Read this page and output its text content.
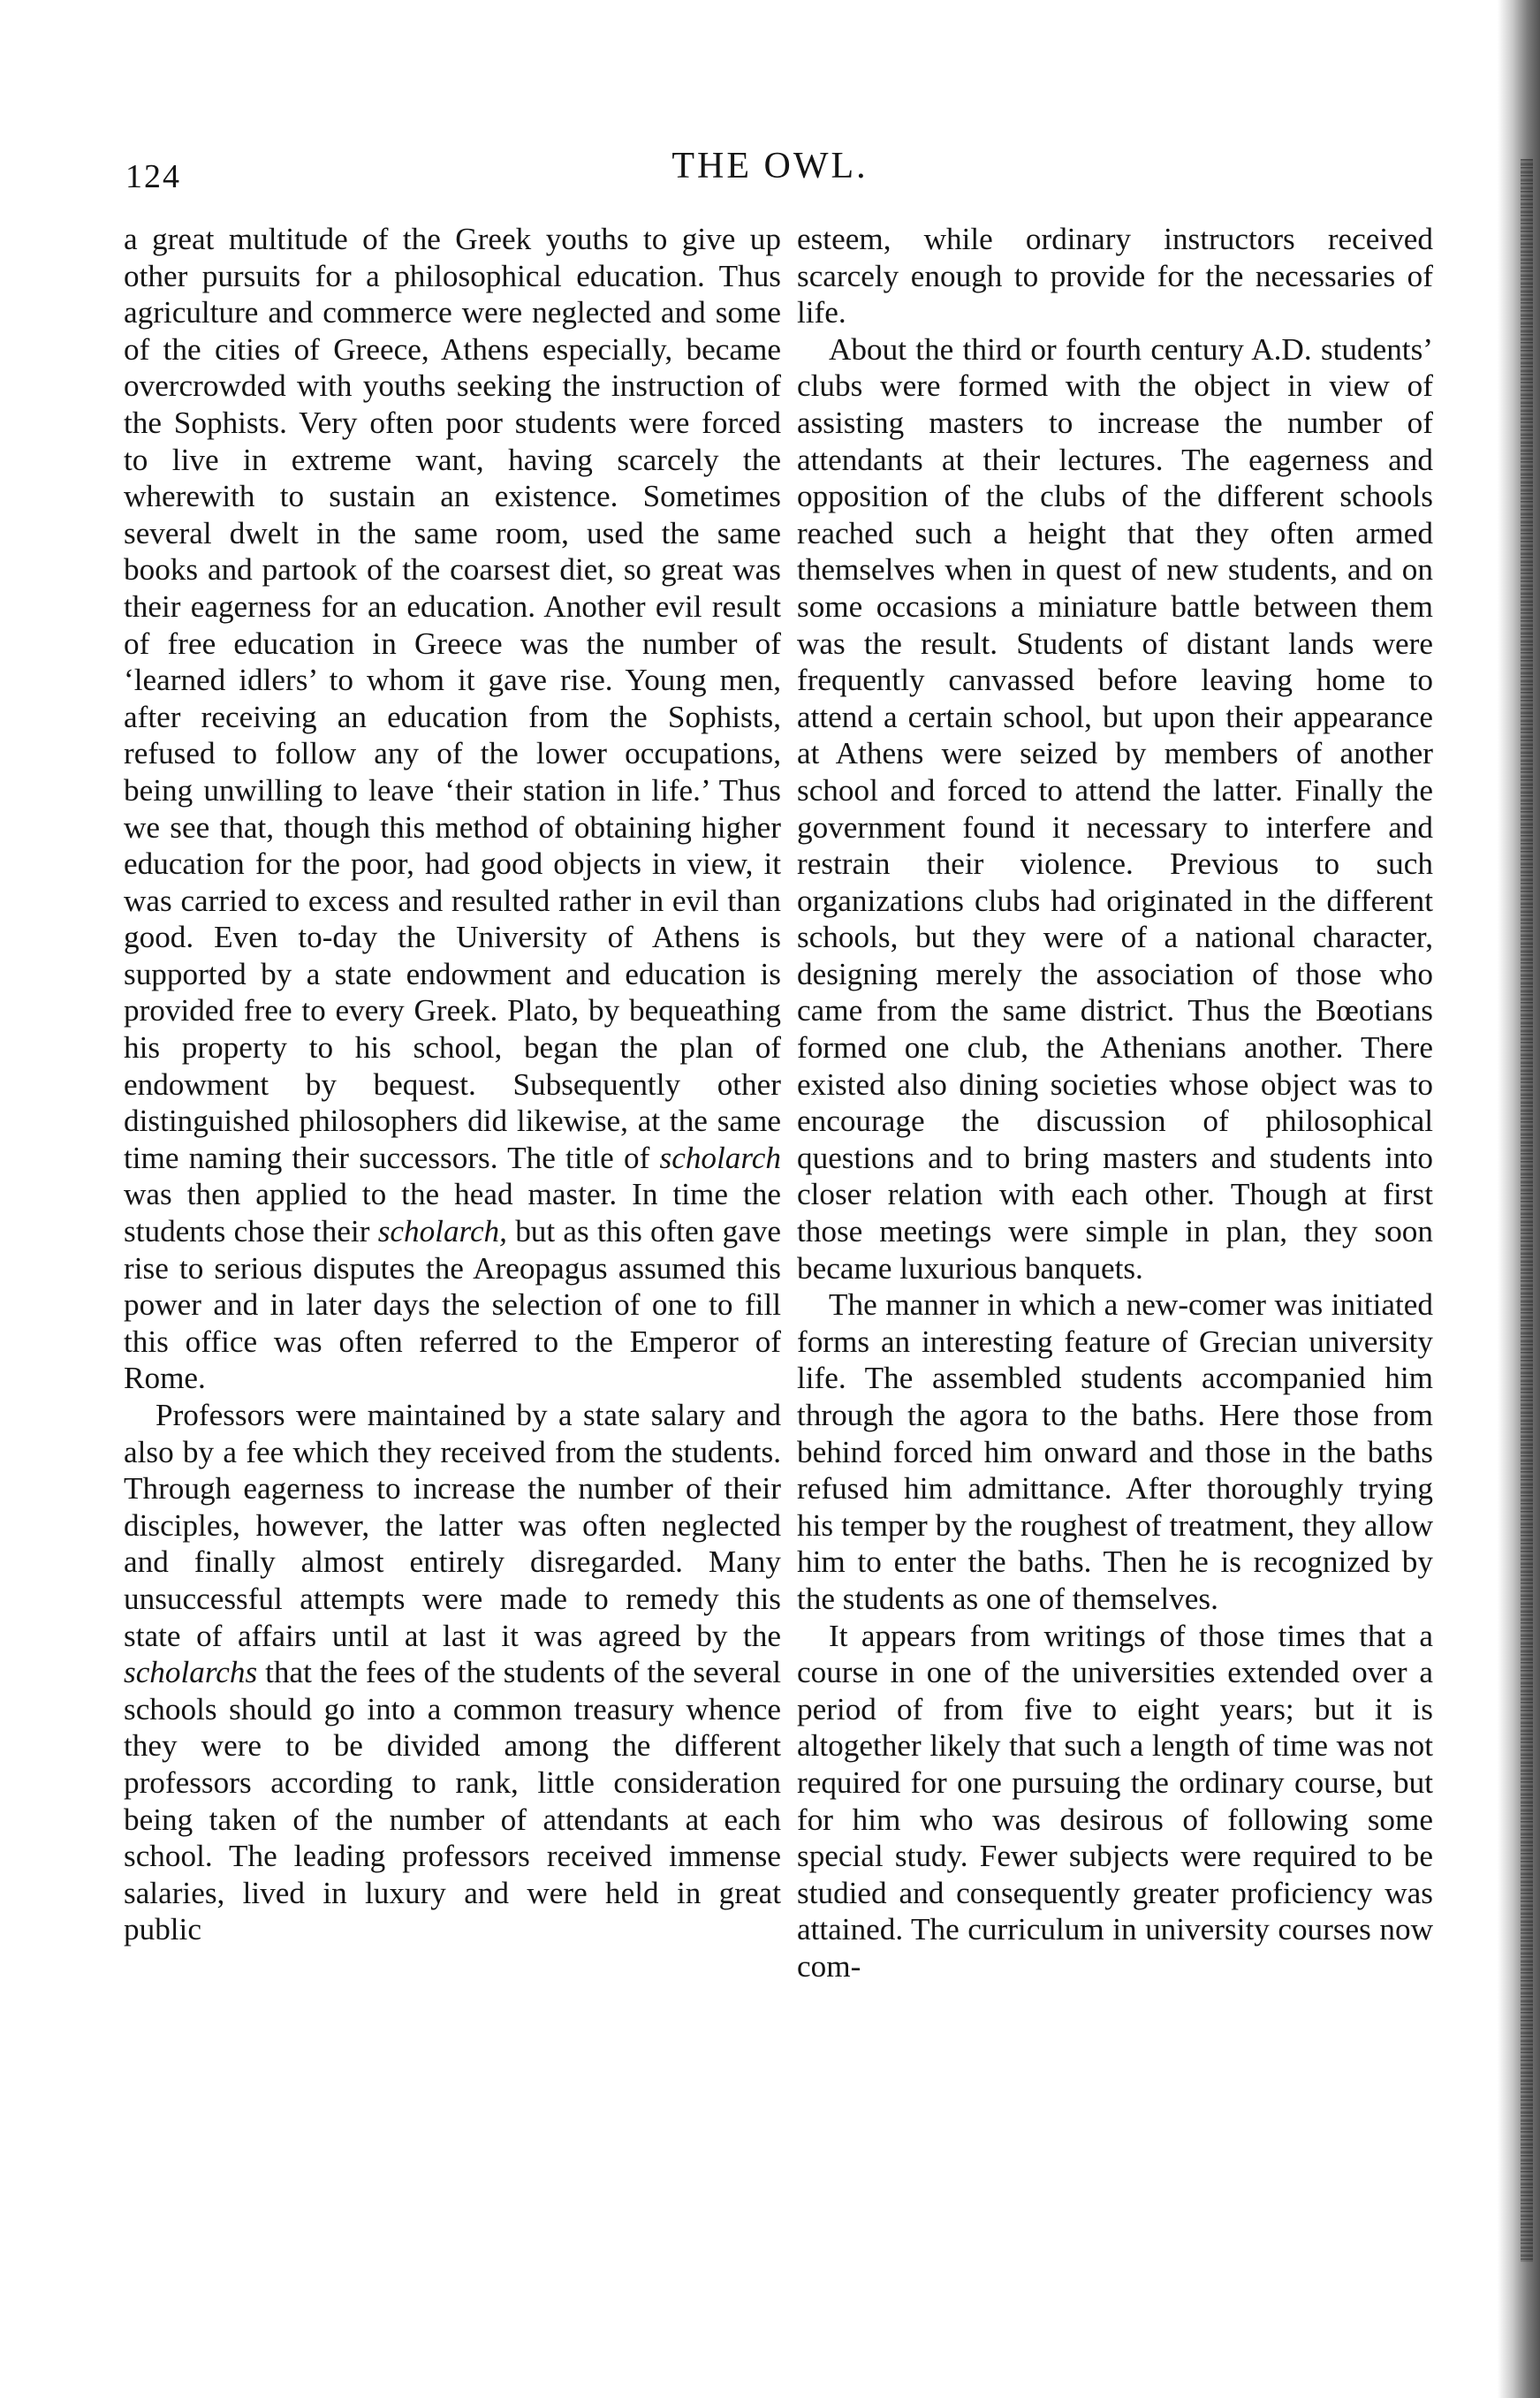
124	THE OWL.

a great multitude of the Greek youths to give up other pursuits for a philosophical education. Thus agriculture and commerce were neglected and some of the cities of Greece, Athens especially, became overcrowded with youths seeking the instruction of the Sophists. Very often poor students were forced to live in extreme want, having scarcely the wherewith to sustain an existence. Sometimes several dwelt in the same room, used the same books and partook of the coarsest diet, so great was their eagerness for an education. Another evil result of free education in Greece was the number of ‘learned idlers’ to whom it gave rise. Young men, after receiving an education from the Sophists, refused to follow any of the lower occupations, being unwilling to leave ‘their station in life.’ Thus we see that, though this method of obtaining higher education for the poor, had good objects in view, it was carried to excess and resulted rather in evil than good. Even to-day the University of Athens is supported by a state endowment and education is provided free to every Greek. Plato, by bequeathing his property to his school, began the plan of endowment by bequest. Subsequently other distinguished philosophers did likewise, at the same time naming their successors. The title of scholarch was then applied to the head master. In time the students chose their scholarch, but as this often gave rise to serious disputes the Areopagus assumed this power and in later days the selection of one to fill this office was often referred to the Emperor of Rome.

Professors were maintained by a state salary and also by a fee which they received from the students. Through eagerness to increase the number of their disciples, however, the latter was often neglected and finally almost entirely disregarded. Many unsuccessful attempts were made to remedy this state of affairs until at last it was agreed by the scholarchs that the fees of the students of the several schools should go into a common treasury whence they were to be divided among the different professors according to rank, little consideration being taken of the number of attendants at each school. The leading professors received immense salaries, lived in luxury and were held in great public

esteem, while ordinary instructors received scarcely enough to provide for the necessaries of life.

About the third or fourth century A.D. students’ clubs were formed with the object in view of assisting masters to increase the number of attendants at their lectures. The eagerness and opposition of the clubs of the different schools reached such a height that they often armed themselves when in quest of new students, and on some occasions a miniature battle between them was the result. Students of distant lands were frequently canvassed before leaving home to attend a certain school, but upon their appearance at Athens were seized by members of another school and forced to attend the latter. Finally the government found it necessary to interfere and restrain their violence. Previous to such organizations clubs had originated in the different schools, but they were of a national character, designing merely the association of those who came from the same district. Thus the Bœotians formed one club, the Athenians another. There existed also dining societies whose object was to encourage the discussion of philosophical questions and to bring masters and students into closer relation with each other. Though at first those meetings were simple in plan, they soon became luxurious banquets.

The manner in which a new-comer was initiated forms an interesting feature of Grecian university life. The assembled students accompanied him through the agora to the baths. Here those from behind forced him onward and those in the baths refused him admittance. After thoroughly trying his temper by the roughest of treatment, they allow him to enter the baths. Then he is recognized by the students as one of themselves.

It appears from writings of those times that a course in one of the universities extended over a period of from five to eight years; but it is altogether likely that such a length of time was not required for one pursuing the ordinary course, but for him who was desirous of following some special study. Fewer subjects were required to be studied and consequently greater proficiency was attained. The curriculum in university courses now com-
